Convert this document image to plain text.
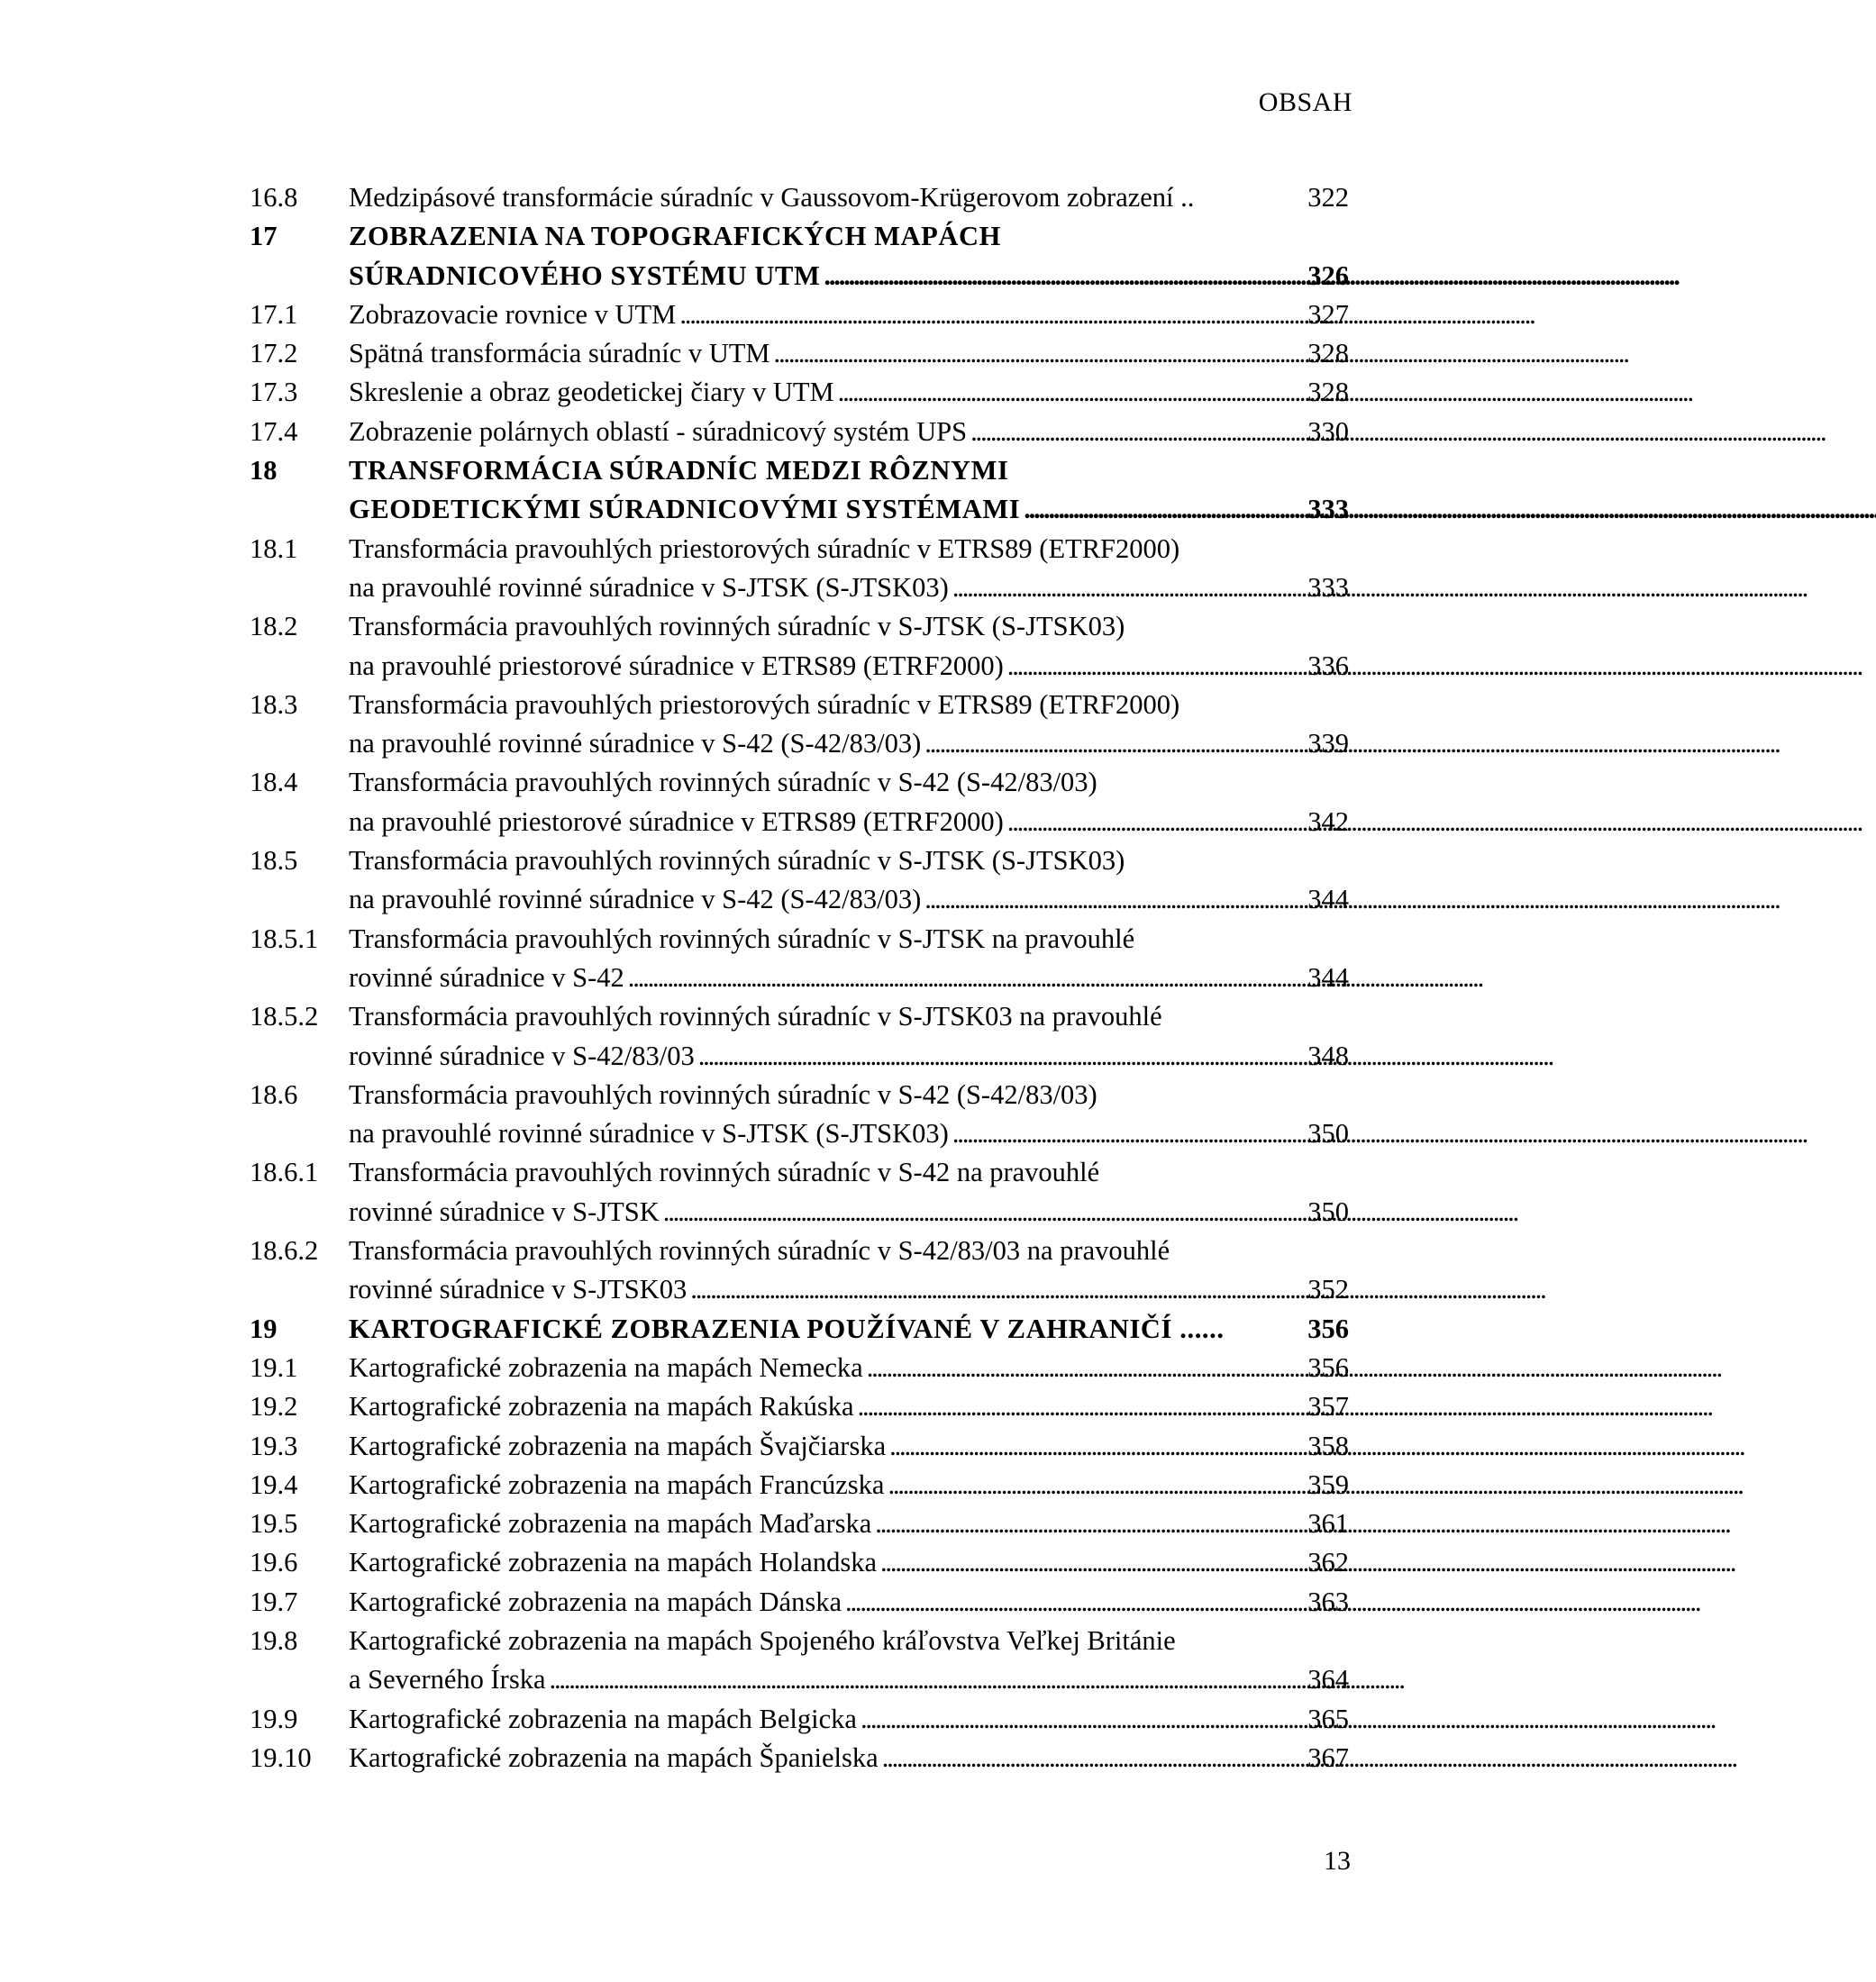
OBSAH
16.8	Medzipásové transformácie súradníc v Gaussovom-Krügerovom zobrazení ..	322
17	ZOBRAZENIA NA TOPOGRAFICKÝCH MAPÁCH
SÚRADNICOVÉHO SYSTÉMU UTM . . .	326
17.1	Zobrazovacie rovnice v UTM . . .	327
17.2	Spätná transformácia súradníc v UTM . . .	328
17.3	Skreslenie a obraz geodetickej čiary v UTM . . .	328
17.4	Zobrazenie polárnych oblastí - súradnicový systém UPS . . .	330
18	TRANSFORMÁCIA SÚRADNÍC MEDZI RÔZNYMI
GEODETICKÝMI SÚRADNICOVÝMI SYSTÉMAMI . . .	333
18.1	Transformácia pravouhlých priestorových súradníc v ETRS89 (ETRF2000)
na pravouhlé rovinné súradnice v S-JTSK (S-JTSK03) . . .	333
18.2	Transformácia pravouhlých rovinných súradníc v S-JTSK (S-JTSK03)
na pravouhlé priestorové súradnice v ETRS89 (ETRF2000) . . .	336
18.3	Transformácia pravouhlých priestorových súradníc v ETRS89 (ETRF2000)
na pravouhlé rovinné súradnice v S-42 (S-42/83/03) . . .	339
18.4	Transformácia pravouhlých rovinných súradníc v S-42 (S-42/83/03)
na pravouhlé priestorové súradnice v ETRS89 (ETRF2000) . . .	342
18.5	Transformácia pravouhlých rovinných súradníc v S-JTSK (S-JTSK03)
na pravouhlé rovinné súradnice v S-42 (S-42/83/03) . . .	344
18.5.1	Transformácia pravouhlých rovinných súradníc v S-JTSK na pravouhlé
rovinné súradnice v S-42 . . .	344
18.5.2	Transformácia pravouhlých rovinných súradníc v S-JTSK03 na pravouhlé
rovinné súradnice v S-42/83/03 . . .	348
18.6	Transformácia pravouhlých rovinných súradníc v S-42 (S-42/83/03)
na pravouhlé rovinné súradnice v S-JTSK (S-JTSK03) . . .	350
18.6.1	Transformácia pravouhlých rovinných súradníc v S-42 na pravouhlé
rovinné súradnice v S-JTSK . . .	350
18.6.2	Transformácia pravouhlých rovinných súradníc v S-42/83/03 na pravouhlé
rovinné súradnice v S-JTSK03 . . .	352
19	KARTOGRAFICKÉ ZOBRAZENIA POUŽÍVANÉ V ZAHRANIČÍ ......	356
19.1	Kartografické zobrazenia na mapách Nemecka . . .	356
19.2	Kartografické zobrazenia na mapách Rakúska . . .	357
19.3	Kartografické zobrazenia na mapách Švajčiarska . . .	358
19.4	Kartografické zobrazenia na mapách Francúzska . . .	359
19.5	Kartografické zobrazenia na mapách Maďarska . . .	361
19.6	Kartografické zobrazenia na mapách Holandska . . .	362
19.7	Kartografické zobrazenia na mapách Dánska . . .	363
19.8	Kartografické zobrazenia na mapách Spojeného kráľovstva Veľkej Británie
a Severného Írska . . .	364
19.9	Kartografické zobrazenia na mapách Belgicka . . .	365
19.10	Kartografické zobrazenia na mapách Španielska . . .	367
13
